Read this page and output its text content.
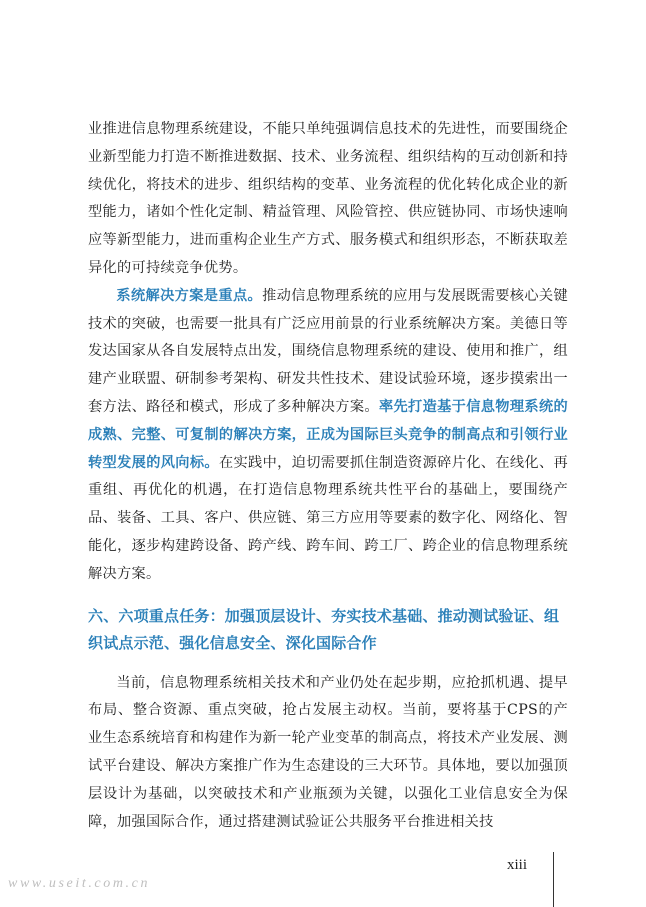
业推进信息物理系统建设，不能只单纯强调信息技术的先进性，而要围绕企业新型能力打造不断推进数据、技术、业务流程、组织结构的互动创新和持续优化，将技术的进步、组织结构的变革、业务流程的优化转化成企业的新型能力，诸如个性化定制、精益管理、风险管控、供应链协同、市场快速响应等新型能力，进而重构企业生产方式、服务模式和组织形态，不断获取差异化的可持续竞争优势。

系统解决方案是重点。推动信息物理系统的应用与发展既需要核心关键技术的突破，也需要一批具有广泛应用前景的行业系统解决方案。美德日等发达国家从各自发展特点出发，围绕信息物理系统的建设、使用和推广，组建产业联盟、研制参考架构、研发共性技术、建设试验环境，逐步摸索出一套方法、路径和模式，形成了多种解决方案。率先打造基于信息物理系统的成熟、完整、可复制的解决方案，正成为国际巨头竞争的制高点和引领行业转型发展的风向标。在实践中，迫切需要抓住制造资源碎片化、在线化、再重组、再优化的机遇，在打造信息物理系统共性平台的基础上，要围绕产品、装备、工具、客户、供应链、第三方应用等要素的数字化、网络化、智能化，逐步构建跨设备、跨产线、跨车间、跨工厂、跨企业的信息物理系统解决方案。

六、六项重点任务：加强顶层设计、夯实技术基础、推动测试验证、组织试点示范、强化信息安全、深化国际合作

当前，信息物理系统相关技术和产业仍处在起步期，应抢抓机遇、提早布局、整合资源、重点突破，抢占发展主动权。当前，要将基于CPS的产业生态系统培育和构建作为新一轮产业变革的制高点，将技术产业发展、测试平台建设、解决方案推广作为生态建设的三大环节。具体地，要以加强顶层设计为基础，以突破技术和产业瓶颈为关键，以强化工业信息安全为保障，加强国际合作，通过搭建测试验证公共服务平台推进相关技

xiii
www.useit.com.cn
